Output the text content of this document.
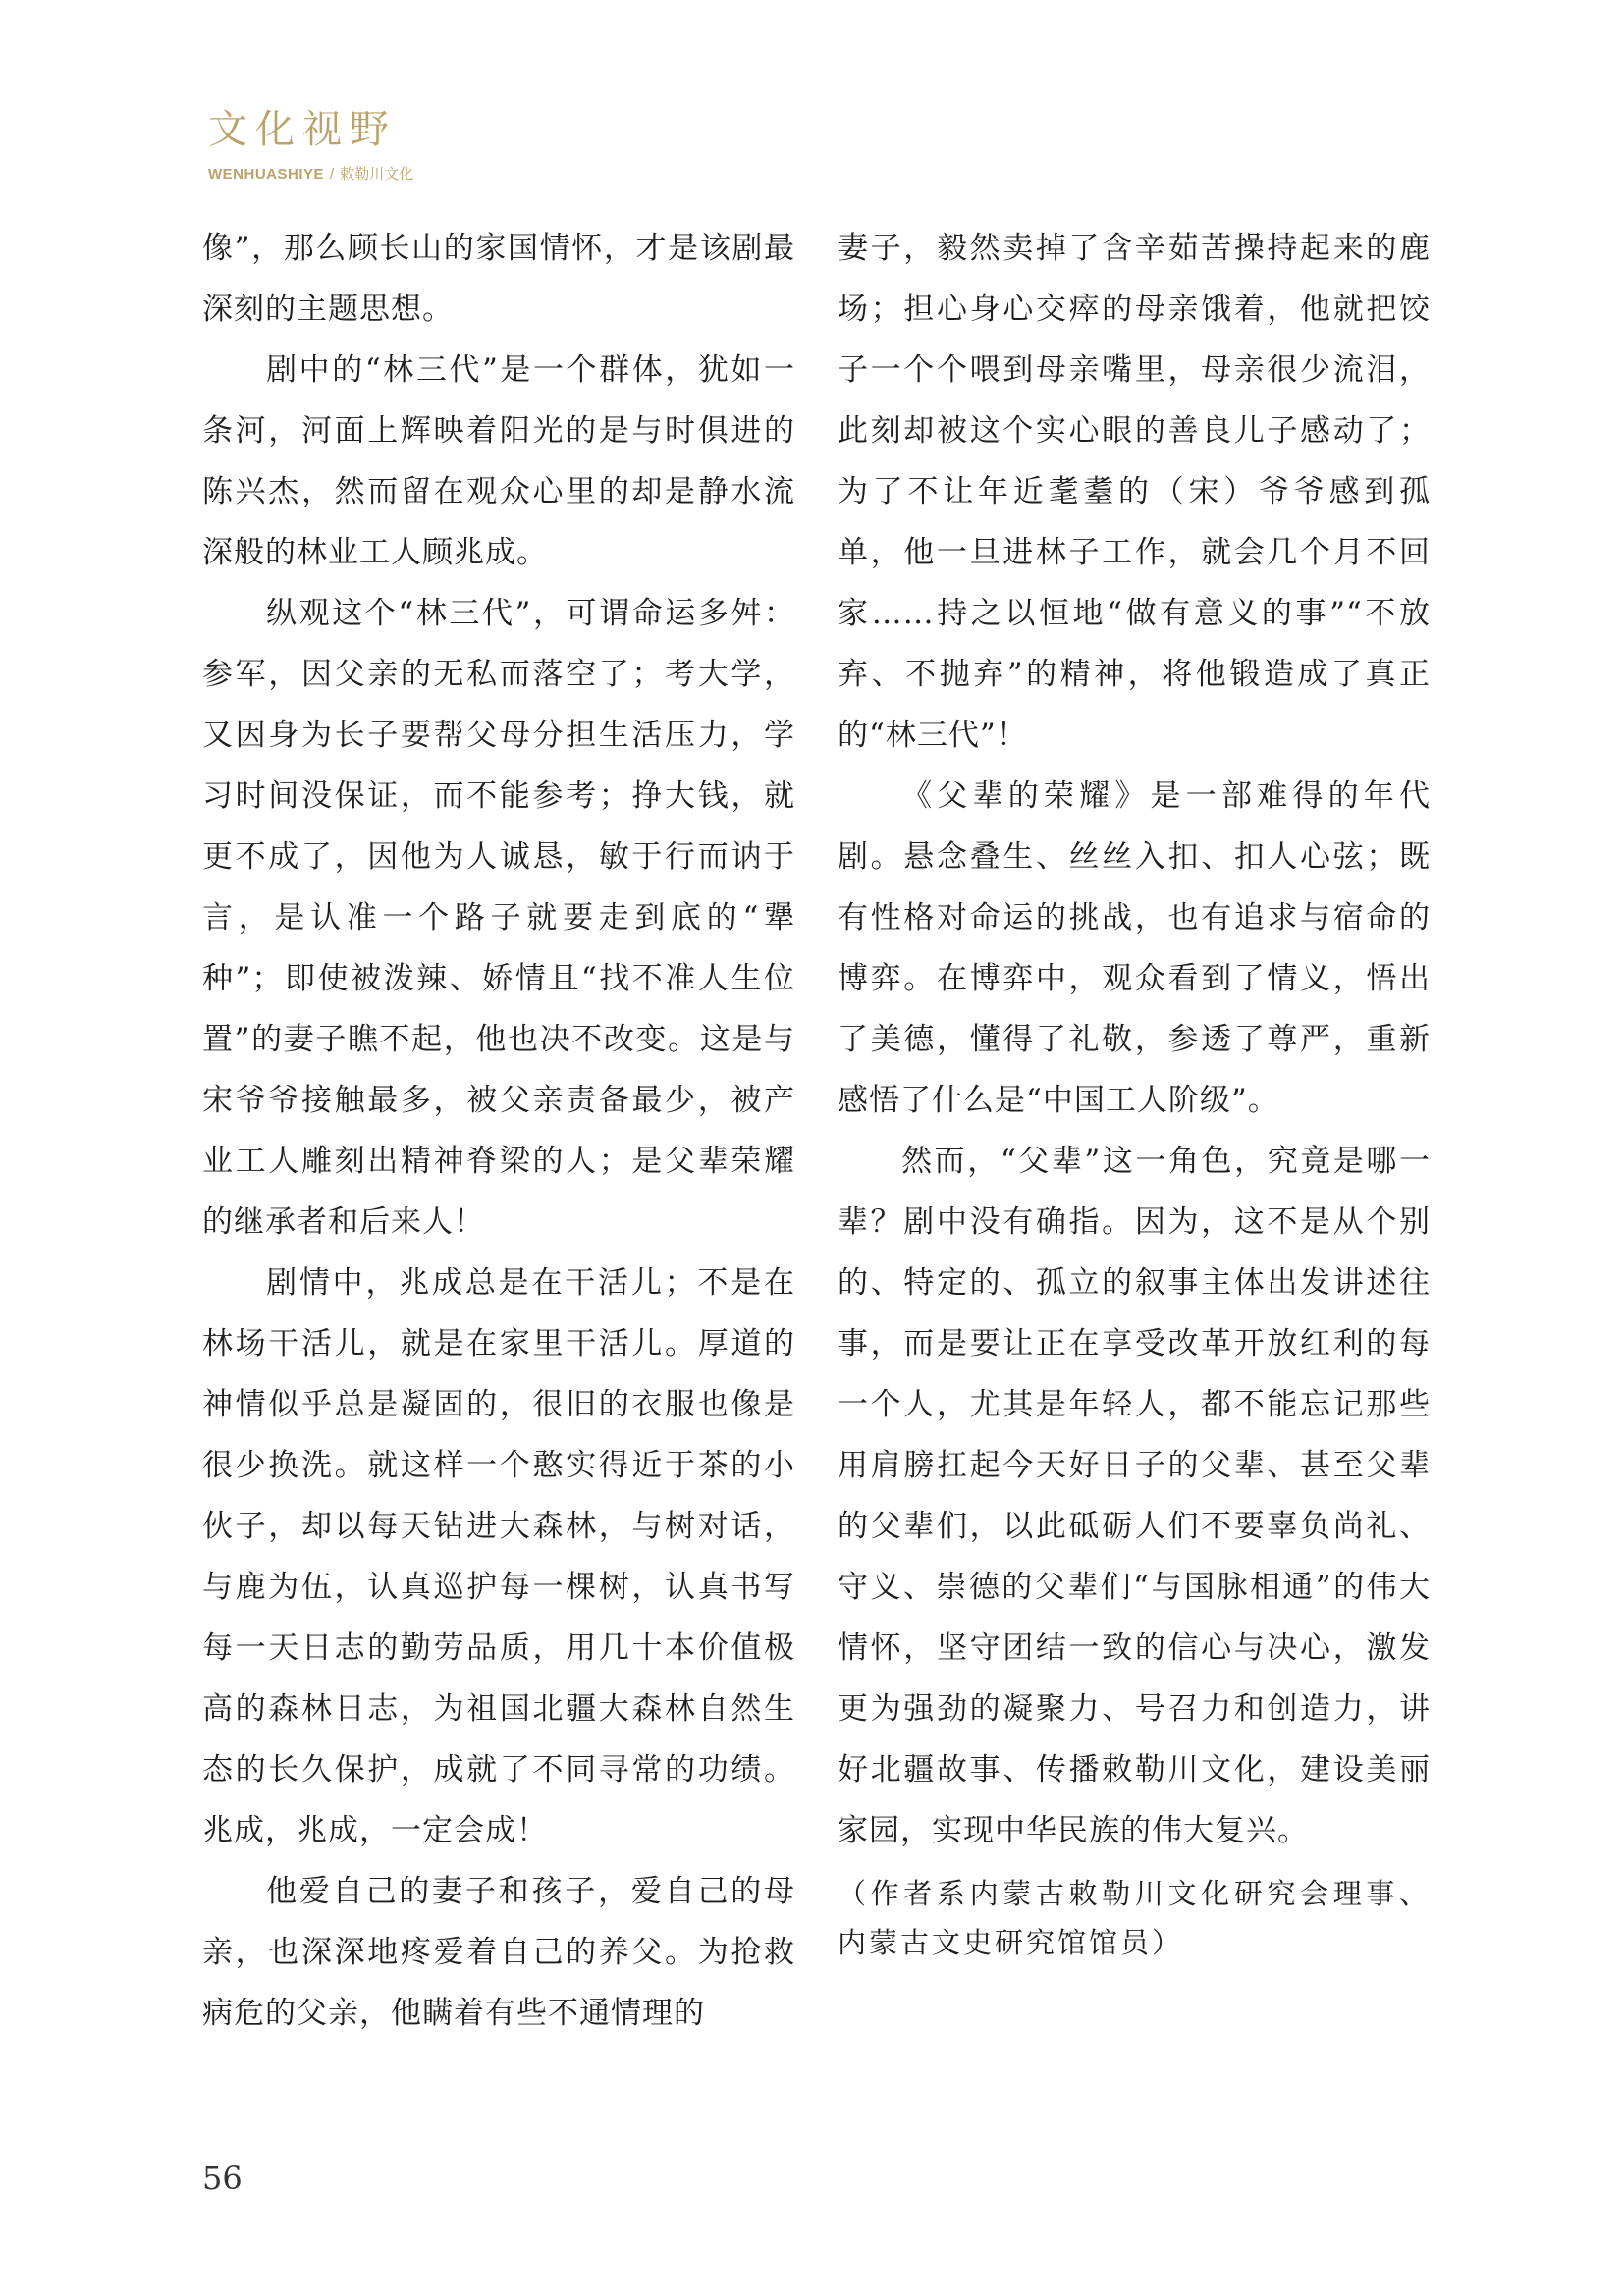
文化视野
WENHUASHIYE / 敕勒川文化

像”，那么顾长山的家国情怀，才是该剧最深刻的主题思想。

剧中的“林三代”是一个群体，犹如一条河，河面上辉映着阳光的是与时俱进的陈兴杰，然而留在观众心里的却是静水流深般的林业工人顾兆成。

纵观这个“林三代”，可谓命运多舛：参军，因父亲的无私而落空了；考大学，又因身为长子要帮父母分担生活压力，学习时间没保证，而不能参考；挣大钱，就更不成了，因他为人诚恳，敏于行而讷于言，是认准一个路子就要走到底的“犟种”；即使被泼辣、娇情且“找不准人生位置”的妻子瞧不起，他也决不改变。这是与宋爷爷接触最多，被父亲责备最少，被产业工人雕刻出精神脊梁的人；是父辈荣耀的继承者和后来人！

剧情中，兆成总是在干活儿；不是在林场干活儿，就是在家里干活儿。厚道的神情似乎总是凝固的，很旧的衣服也像是很少换洗。就这样一个憨实得近于茶的小伙子，却以每天钻进大森林，与树对话，与鹿为伍，认真巡护每一棵树，认真书写每一天日志的勤劳品质，用几十本价值极高的森林日志，为祖国北疆大森林自然生态的长久保护，成就了不同寻常的功绩。兆成，兆成，一定会成！

他爱自己的妻子和孩子，爱自己的母亲，也深深地疼爱着自己的养父。为抢救病危的父亲，他瞒着有些不通情理的

妻子，毅然卖掉了含辛茹苦操持起来的鹿场；担心身心交瘁的母亲饿着，他就把饺子一个个喂到母亲嘴里，母亲很少流泪，此刻却被这个实心眼的善良儿子感动了；为了不让年近耄耋的（宋）爷爷感到孤单，他一旦进林子工作，就会几个月不回家……持之以恒地“做有意义的事”“不放弃、不抛弃”的精神，将他锻造成了真正的“林三代”！

《父辈的荣耀》是一部难得的年代剧。悬念叠生、丝丝入扣、扣人心弦；既有性格对命运的挑战，也有追求与宿命的博弈。在博弈中，观众看到了情义，悟出了美德，懂得了礼敬，参透了尊严，重新感悟了什么是“中国工人阶级”。

然而，“父辈”这一角色，究竟是哪一辈？剧中没有确指。因为，这不是从个别的、特定的、孤立的叙事主体出发讲述往事，而是要让正在享受改革开放红利的每一个人，尤其是年轻人，都不能忘记那些用肩膀扛起今天好日子的父辈、甚至父辈的父辈们，以此砥砺人们不要辜负尚礼、守义、崇德的父辈们“与国脉相通”的伟大情怀，坚守团结一致的信心与决心，激发更为强劲的凝聚力、号召力和创造力，讲好北疆故事、传播敕勒川文化，建设美丽家园，实现中华民族的伟大复兴。

（作者系内蒙古敕勒川文化研究会理事、内蒙古文史研究馆馆员）

56
